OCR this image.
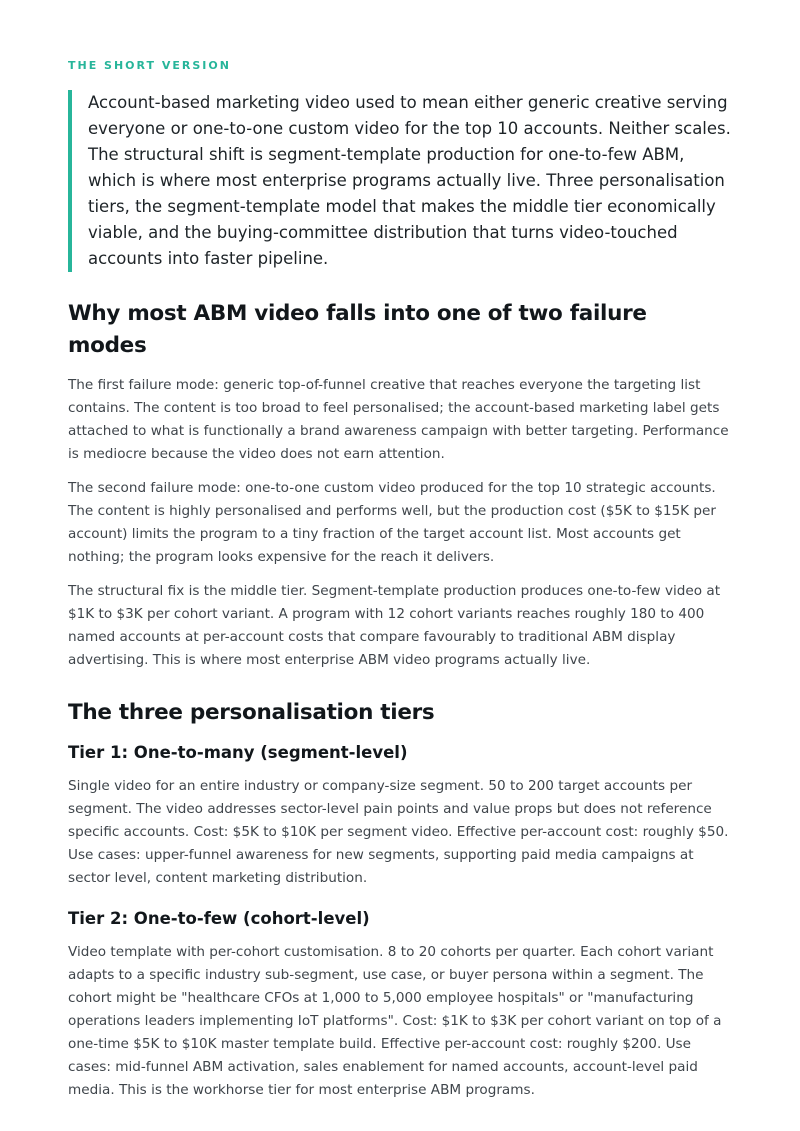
THE SHORT VERSION

Account-based marketing video used to mean either generic creative serving everyone or one-to-one custom video for the top 10 accounts. Neither scales. The structural shift is segment-template production for one-to-few ABM, which is where most enterprise programs actually live. Three personalisation tiers, the segment-template model that makes the middle tier economically viable, and the buying-committee distribution that turns video-touched accounts into faster pipeline.

Why most ABM video falls into one of two failure modes

The first failure mode: generic top-of-funnel creative that reaches everyone the targeting list contains. The content is too broad to feel personalised; the account-based marketing label gets attached to what is functionally a brand awareness campaign with better targeting. Performance is mediocre because the video does not earn attention.

The second failure mode: one-to-one custom video produced for the top 10 strategic accounts. The content is highly personalised and performs well, but the production cost ($5K to $15K per account) limits the program to a tiny fraction of the target account list. Most accounts get nothing; the program looks expensive for the reach it delivers.

The structural fix is the middle tier. Segment-template production produces one-to-few video at $1K to $3K per cohort variant. A program with 12 cohort variants reaches roughly 180 to 400 named accounts at per-account costs that compare favourably to traditional ABM display advertising. This is where most enterprise ABM video programs actually live.

The three personalisation tiers
Tier 1: One-to-many (segment-level)

Single video for an entire industry or company-size segment. 50 to 200 target accounts per segment. The video addresses sector-level pain points and value props but does not reference specific accounts. Cost: $5K to $10K per segment video. Effective per-account cost: roughly $50. Use cases: upper-funnel awareness for new segments, supporting paid media campaigns at sector level, content marketing distribution.

Tier 2: One-to-few (cohort-level)

Video template with per-cohort customisation. 8 to 20 cohorts per quarter. Each cohort variant adapts to a specific industry sub-segment, use case, or buyer persona within a segment. The cohort might be "healthcare CFOs at 1,000 to 5,000 employee hospitals" or "manufacturing operations leaders implementing IoT platforms". Cost: $1K to $3K per cohort variant on top of a one-time $5K to $10K master template build. Effective per-account cost: roughly $200. Use cases: mid-funnel ABM activation, sales enablement for named accounts, account-level paid media. This is the workhorse tier for most enterprise ABM programs.
